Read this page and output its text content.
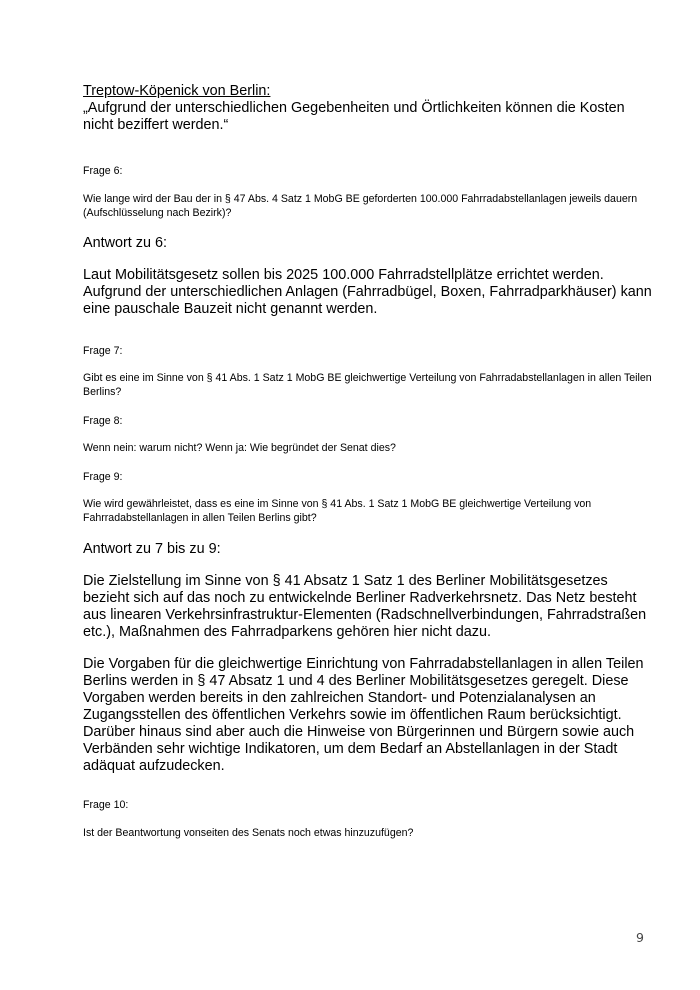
Treptow-Köpenick von Berlin:

„Aufgrund der unterschiedlichen Gegebenheiten und Örtlichkeiten können die Kosten nicht beziffert werden.“

Frage 6:

Wie lange wird der Bau der in § 47 Abs. 4 Satz 1 MobG BE geforderten 100.000 Fahrradabstellanlagen jeweils dauern (Aufschlüsselung nach Bezirk)?

Antwort zu 6:

Laut Mobilitätsgesetz sollen bis 2025 100.000 Fahrradstellplätze errichtet werden. Aufgrund der unterschiedlichen Anlagen (Fahrradbügel, Boxen, Fahrradparkhäuser) kann eine pauschale Bauzeit nicht genannt werden.

Frage 7:

Gibt es eine im Sinne von § 41 Abs. 1 Satz 1 MobG BE gleichwertige Verteilung von Fahrradabstellanlagen in allen Teilen Berlins?

Frage 8:

Wenn nein: warum nicht? Wenn ja: Wie begründet der Senat dies?

Frage 9:

Wie wird gewährleistet, dass es eine im Sinne von § 41 Abs. 1 Satz 1 MobG BE gleichwertige Verteilung von Fahrradabstellanlagen in allen Teilen Berlins gibt?

Antwort zu 7 bis zu 9:

Die Zielstellung im Sinne von § 41 Absatz 1 Satz 1 des Berliner Mobilitätsgesetzes bezieht sich auf das noch zu entwickelnde Berliner Radverkehrsnetz. Das Netz besteht aus linearen Verkehrsinfrastruktur-Elementen (Radschnellverbindungen, Fahrradstraßen etc.), Maßnahmen des Fahrradparkens gehören hier nicht dazu.

Die Vorgaben für die gleichwertige Einrichtung von Fahrradabstellanlagen in allen Teilen Berlins werden in § 47 Absatz 1 und 4 des Berliner Mobilitätsgesetzes geregelt. Diese Vorgaben werden bereits in den zahlreichen Standort- und Potenzialanalysen an Zugangsstellen des öffentlichen Verkehrs sowie im öffentlichen Raum berücksichtigt. Darüber hinaus sind aber auch die Hinweise von Bürgerinnen und Bürgern sowie auch Verbänden sehr wichtige Indikatoren, um dem Bedarf an Abstellanlagen in der Stadt adäquat aufzudecken.

Frage 10:

Ist der Beantwortung vonseiten des Senats noch etwas hinzuzufügen?

9
